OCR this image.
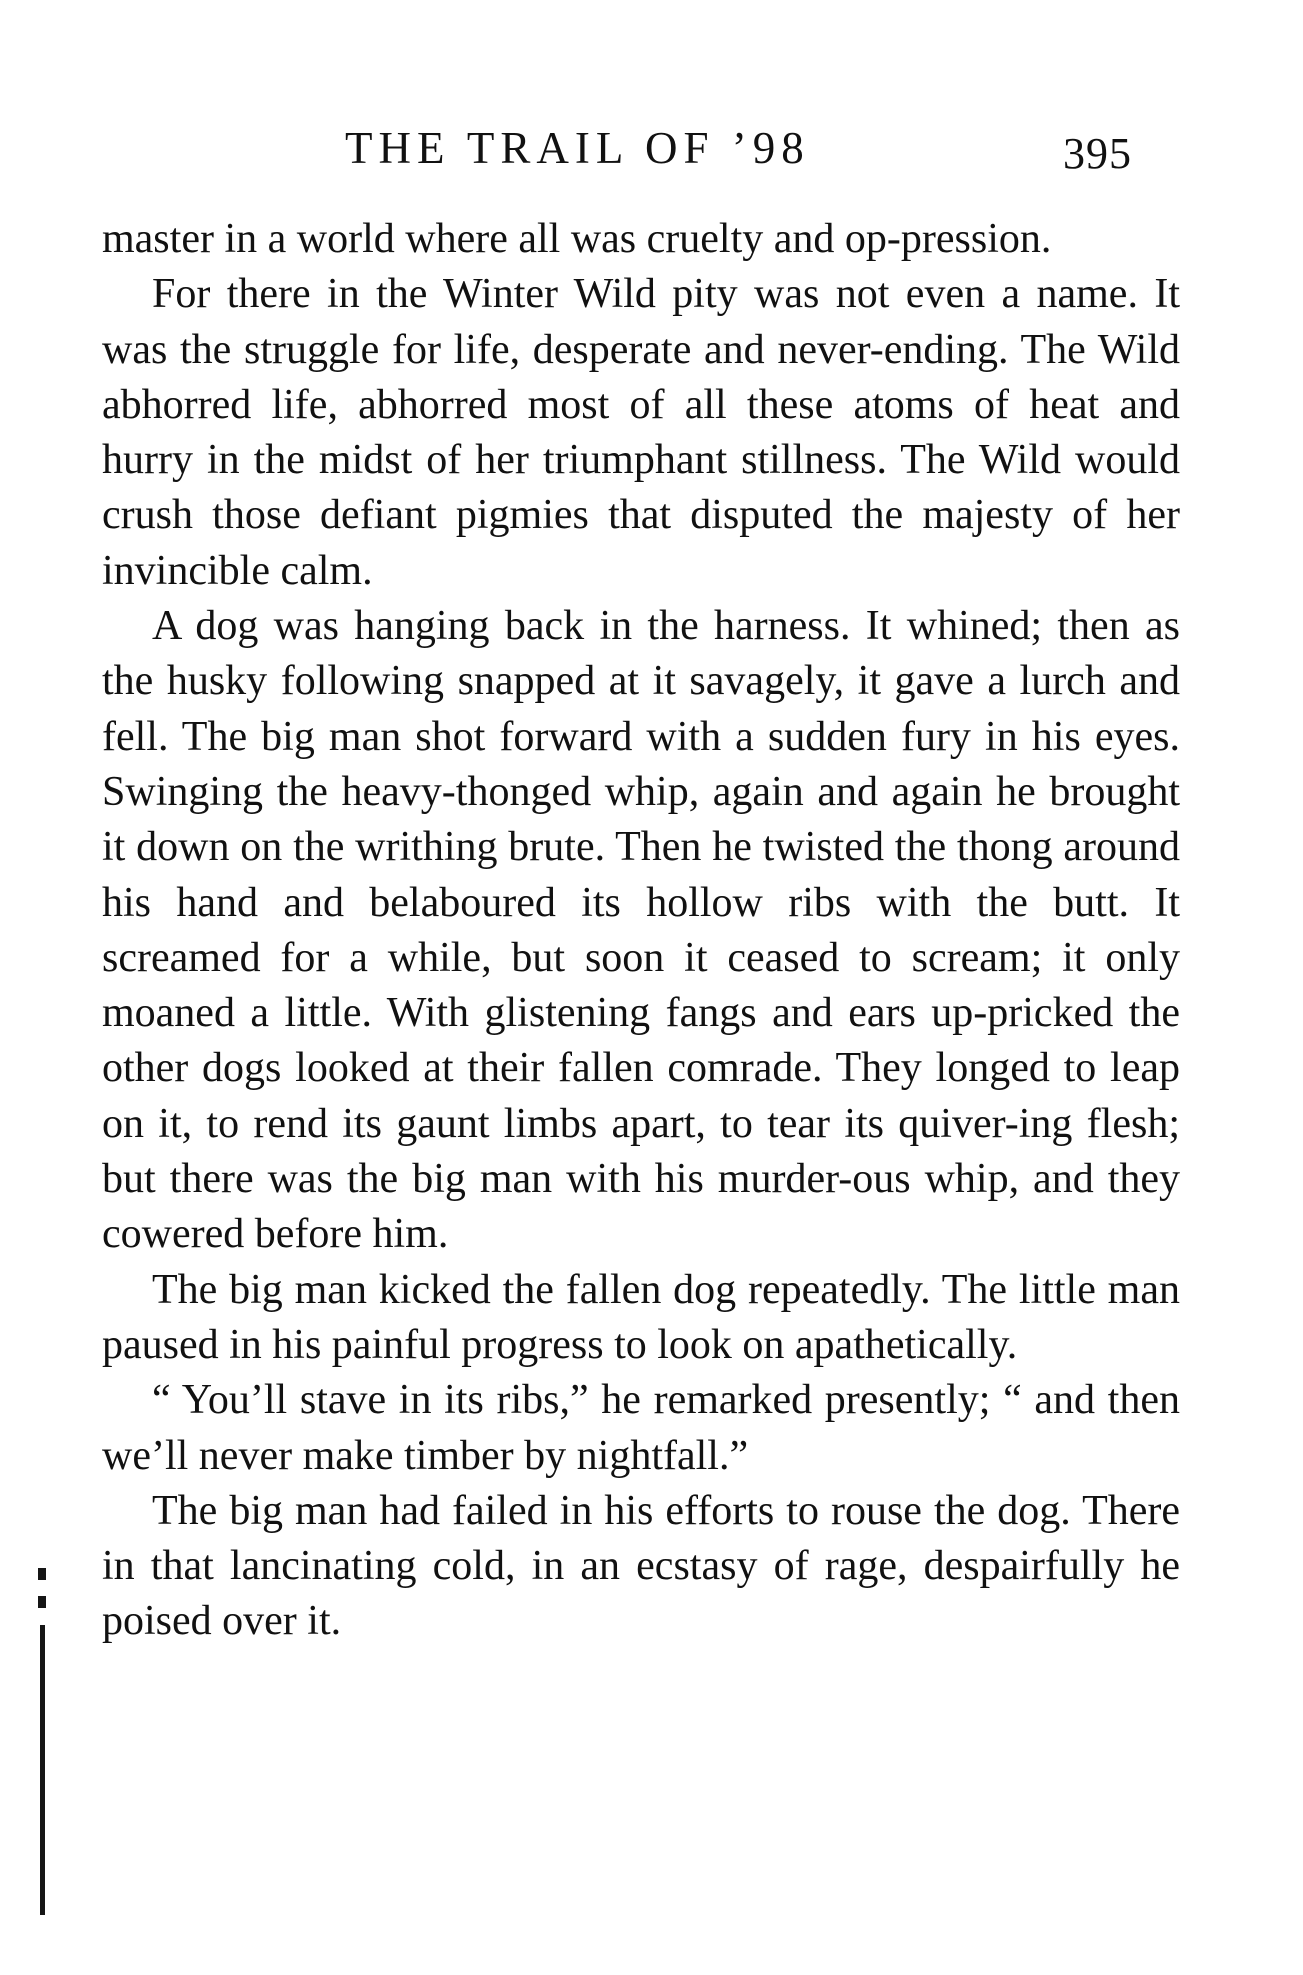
THE TRAIL OF ’98	395

master in a world where all was cruelty and op-pression.

For there in the Winter Wild pity was not even a name. It was the struggle for life, desperate and never-ending. The Wild abhorred life, abhorred most of all these atoms of heat and hurry in the midst of her triumphant stillness. The Wild would crush those defiant pigmies that disputed the majesty of her invincible calm.

A dog was hanging back in the harness. It whined; then as the husky following snapped at it savagely, it gave a lurch and fell. The big man shot forward with a sudden fury in his eyes. Swinging the heavy-thonged whip, again and again he brought it down on the writhing brute. Then he twisted the thong around his hand and belaboured its hollow ribs with the butt. It screamed for a while, but soon it ceased to scream; it only moaned a little. With glistening fangs and ears up-pricked the other dogs looked at their fallen comrade. They longed to leap on it, to rend its gaunt limbs apart, to tear its quiver-ing flesh; but there was the big man with his murder-ous whip, and they cowered before him.

The big man kicked the fallen dog repeatedly. The little man paused in his painful progress to look on apathetically.

“ You’ll stave in its ribs,” he remarked presently; “ and then we’ll never make timber by nightfall.”

The big man had failed in his efforts to rouse the dog. There in that lancinating cold, in an ecstasy of rage, despairfully he poised over it.
